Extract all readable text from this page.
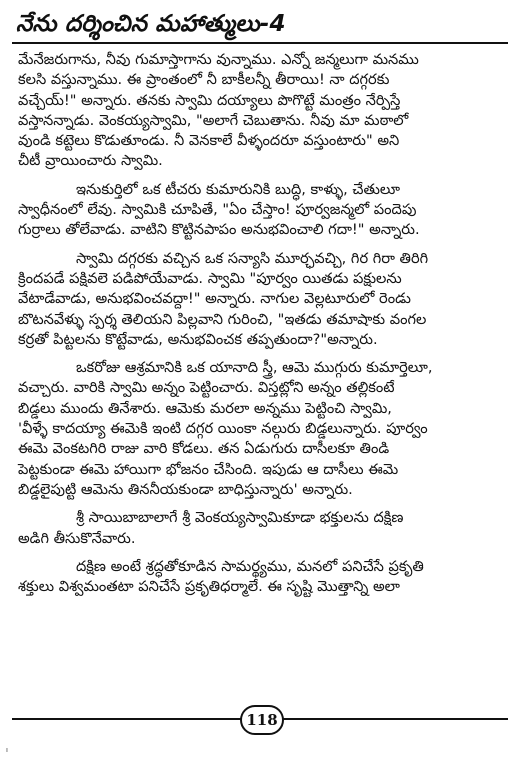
నేను దర్శించిన మహాత్ములు-4

మేనేజరుగాను, నీవు గుమాస్తాగాను వున్నాము. ఎన్నో జన్మలుగా మనము
కలసి వస్తున్నాము. ఈ ప్రాంతంలో నీ బాకీలన్నీ తీరాయి! నా దగ్గరకు
వచ్చేయ్!" అన్నారు. తనకు స్వామి దయ్యాలు పొగొట్టే మంత్రం నేర్పిస్తే
వస్తానన్నాడు. వెంకయ్యస్వామి, "అలాగే చెబుతాను. నీవు మా మఠాలో
వుండి కట్టెలు కొడుతూండు. నీ వెనకాలే వీళ్ళందరూ వస్తుంటారు" అని
చీటీ వ్రాయించారు స్వామి.

ఇనుకుర్తిలో ఒక టీచరు కుమారునికి బుద్ధి, కాళ్ళు, చేతులూ
స్వాధీనంలో లేవు. స్వామికి చూపితే, "ఏం చేస్తాం! పూర్వజన్మలో పందెపు
గుర్రాలు తోలేవాడు. వాటిని కొట్టినపాపం అనుభవించాలి గదా!" అన్నారు.

స్వామి దగ్గరకు వచ్చిన ఒక సన్యాసి మూర్ఛవచ్చి, గిర గిరా తిరిగి
క్రిందపడే పక్షివలె పడిపోయేవాడు. స్వామి "పూర్వం యితడు పక్షులను
వేటాడేవాడు, అనుభవించవద్దా!" అన్నారు. నాగుల వెల్లటూరులో రెండు
బొటనవేళ్ళు స్పర్శ తెలియని పిల్లవాని గురించి, "ఇతడు తమాషాకు వంగల
కర్రతో పిట్టలను కొట్టేవాడు, అనుభవించక తప్పతుందా?"అన్నారు.

ఒకరోజు ఆశ్రమానికి ఒక యానాది స్త్రీ, ఆమె ముగ్గురు కుమార్తెలూ,
వచ్చారు. వారికి స్వామి అన్నం పెట్టించారు. విస్తట్లోని అన్నం తల్లికంటే
బిడ్డలు ముందు తినేశారు. ఆమెకు మరలా అన్నము పెట్టించి స్వామి,
'వీళ్ళే కాదయ్యా ఈమెకి ఇంటి దగ్గర యింకా నల్గురు బిడ్డలున్నారు. పూర్వం
ఈమె వెంకటగిరి రాజు వారి కోడలు. తన ఏడుగురు దాసీలకూ తిండి
పెట్టకుండా ఈమె హాయిగా భోజనం చేసింది. ఇపుడు ఆ దాసీలు ఈమె
బిడ్డలైపుట్టి ఆమెను తిననీయకుండా బాధిస్తున్నారు' అన్నారు.

శ్రీ సాయిబాబాలాగే శ్రీ వెంకయ్యస్వామికూడా భక్తులను దక్షిణ
అడిగి తీసుకొనేవారు.

దక్షిణ అంటే శ్రద్ధతోకూడిన సామర్థ్యము, మనలో పనిచేసే ప్రకృతి
శక్తులు విశ్వమంతటా పనిచేసే ప్రకృతిధర్మాలే. ఈ సృష్టి మొత్తాన్ని అలా

118
ı
